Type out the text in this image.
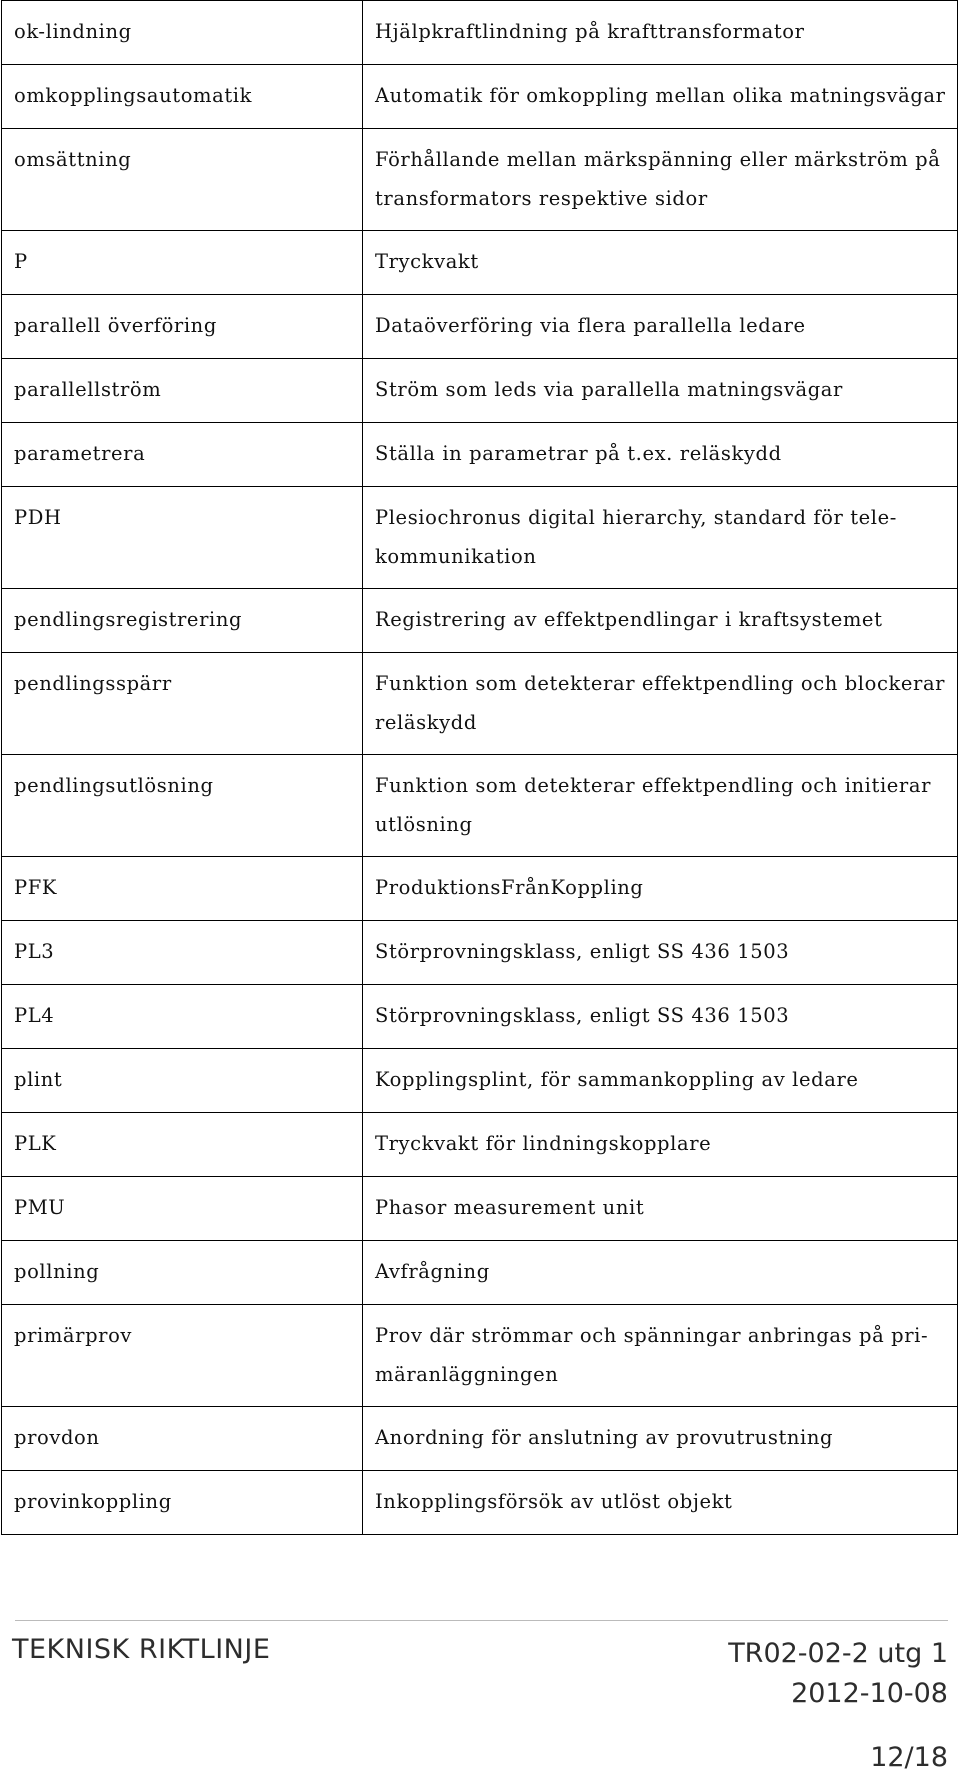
ok-lindning	Hjälpkraftlindning på krafttransformator
omkopplingsautomatik	Automatik för omkoppling mellan olika matningsvägar
omsättning	Förhållande mellan märkspänning eller märkström på transformators respektive sidor
P	Tryckvakt
parallell överföring	Dataöverföring via flera parallella ledare
parallellström	Ström som leds via parallella matningsvägar
parametrera	Ställa in parametrar på t.ex. reläskydd
PDH	Plesiochronus digital hierarchy, standard för tele-kommunikation
pendlingsregistrering	Registrering av effektpendlingar i kraftsystemet
pendlingsspärr	Funktion som detekterar effektpendling och blockerar reläskydd
pendlingsutlösning	Funktion som detekterar effektpendling och initierar utlösning
PFK	ProduktionsFrånKoppling
PL3	Störprovningsklass, enligt SS 436 1503
PL4	Störprovningsklass, enligt SS 436 1503
plint	Kopplingsplint, för sammankoppling av ledare
PLK	Tryckvakt för lindningskopplare
PMU	Phasor measurement unit
pollning	Avfrågning
primärprov	Prov där strömmar och spänningar anbringas på pri-märanläggningen
provdon	Anordning för anslutning av provutrustning
provinkoppling	Inkopplingsförsök av utlöst objekt
TEKNISK RIKTLINJE	TR02-02-2 utg 1
2012-10-08
12/18
